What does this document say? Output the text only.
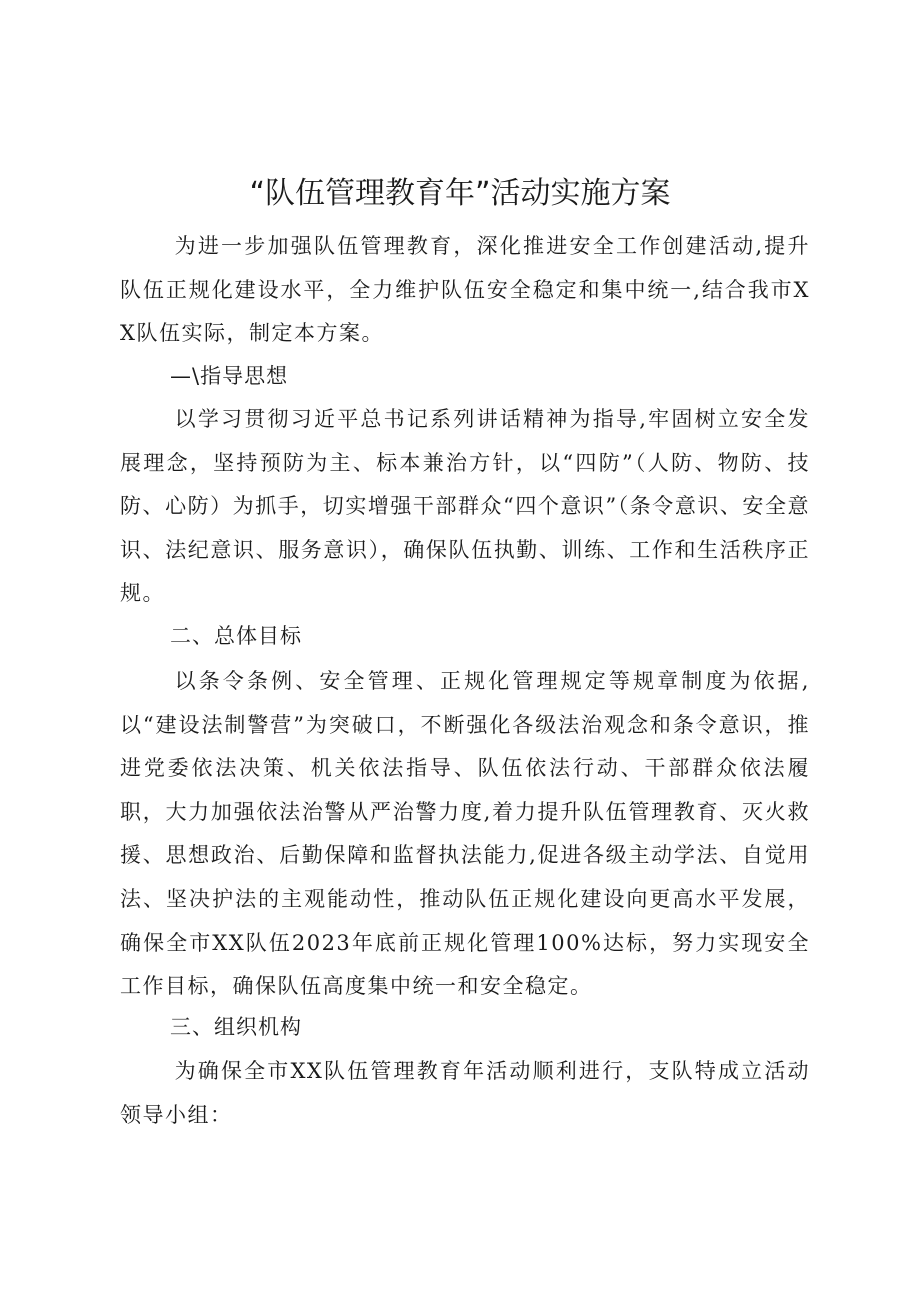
“队伍管理教育年”活动实施方案

为进一步加强队伍管理教育，深化推进安全工作创建活动,提升队伍正规化建设水平，全力维护队伍安全稳定和集中统一,结合我市XX队伍实际，制定本方案。

—\指导思想

以学习贯彻习近平总书记系列讲话精神为指导,牢固树立安全发展理念，坚持预防为主、标本兼治方针，以“四防”（人防、物防、技防、心防）为抓手，切实增强干部群众“四个意识”（条令意识、安全意识、法纪意识、服务意识），确保队伍执勤、训练、工作和生活秩序正规。

二、总体目标

以条令条例、安全管理、正规化管理规定等规章制度为依据,以“建设法制警营”为突破口，不断强化各级法治观念和条令意识，推进党委依法决策、机关依法指导、队伍依法行动、干部群众依法履职，大力加强依法治警从严治警力度,着力提升队伍管理教育、灭火救援、思想政治、后勤保障和监督执法能力,促进各级主动学法、自觉用法、坚决护法的主观能动性，推动队伍正规化建设向更高水平发展，确保全市XX队伍2023年底前正规化管理100%达标，努力实现安全工作目标，确保队伍高度集中统一和安全稳定。

三、组织机构

为确保全市XX队伍管理教育年活动顺利进行，支队特成立活动领导小组：
